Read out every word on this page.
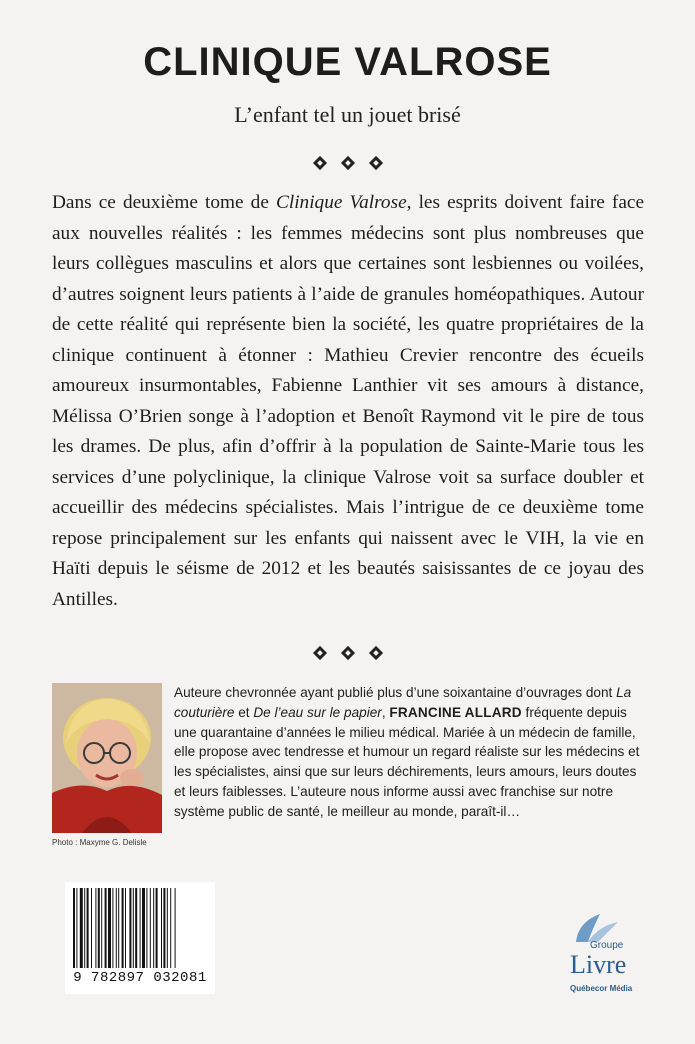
CLINIQUE VALROSE
L’enfant tel un jouet brisé
Dans ce deuxième tome de Clinique Valrose, les esprits doivent faire face aux nouvelles réalités : les femmes médecins sont plus nombreuses que leurs collègues masculins et alors que certaines sont lesbiennes ou voilées, d’autres soignent leurs patients à l’aide de granules homéopathiques. Autour de cette réalité qui représente bien la société, les quatre propriétaires de la clinique continuent à étonner : Mathieu Crevier rencontre des écueils amoureux insurmontables, Fabienne Lanthier vit ses amours à distance, Mélissa O’Brien songe à l’adoption et Benoît Raymond vit le pire de tous les drames. De plus, afin d’offrir à la population de Sainte-Marie tous les services d’une polyclinique, la clinique Valrose voit sa surface doubler et accueillir des médecins spécialistes. Mais l’intrigue de ce deuxième tome repose principalement sur les enfants qui naissent avec le VIH, la vie en Haïti depuis le séisme de 2012 et les beautés saisissantes de ce joyau des Antilles.
Photo : Maxyme G. Delisle
Auteure chevronnée ayant publié plus d’une soixantaine d’ouvrages dont La couturière et De l’eau sur le papier, FRANCINE ALLARD fréquente depuis une quarantaine d’années le milieu médical. Mariée à un médecin de famille, elle propose avec tendresse et humour un regard réaliste sur les médecins et les spécialistes, ainsi que sur leurs déchirements, leurs amours, leurs doutes et leurs faiblesses. L’auteure nous informe aussi avec franchise sur notre système public de santé, le meilleur au monde, paraît-il…
9 782897 032081
Groupe
Livre
Québecor Média
